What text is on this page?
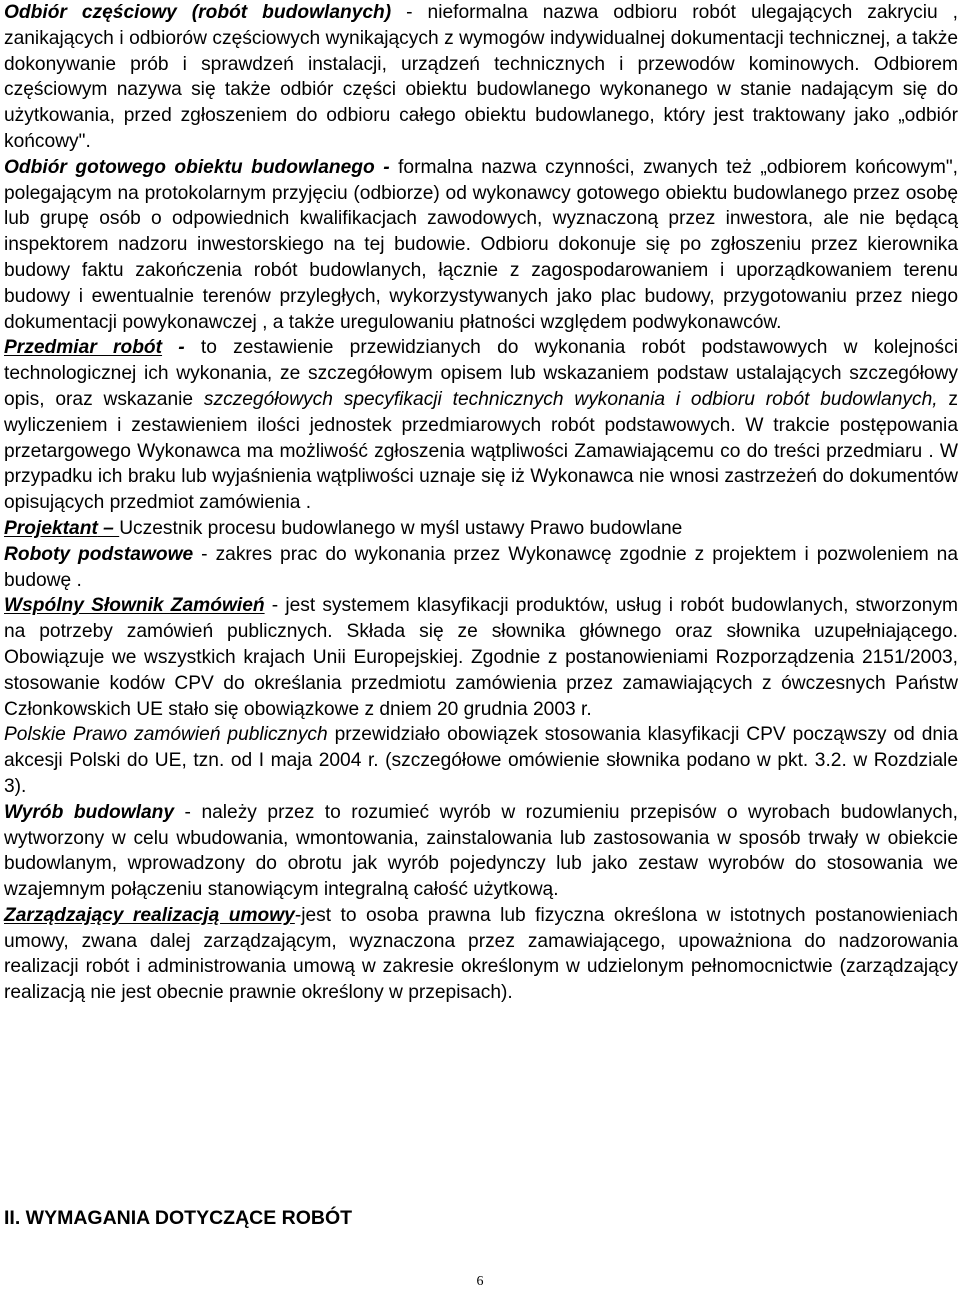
Odbiór częściowy (robót budowlanych) - nieformalna nazwa odbioru robót ulegających zakryciu , zanikających i odbiorów częściowych wynikających z wymogów indywidualnej dokumentacji technicznej, a także dokonywanie prób i sprawdzeń instalacji, urządzeń technicznych i przewodów kominowych. Odbiorem częściowym nazywa się także odbiór części obiektu budowlanego wykonanego w stanie nadającym się do użytkowania, przed zgłoszeniem do odbioru całego obiektu budowlanego, który jest traktowany jako „odbiór końcowy".

Odbiór gotowego obiektu budowlanego - formalna nazwa czynności, zwanych też „odbiorem końcowym", polegającym na protokolarnym przyjęciu (odbiorze) od wykonawcy gotowego obiektu budowlanego przez osobę lub grupę osób o odpowiednich kwalifikacjach zawodowych, wyznaczoną przez inwestora, ale nie będącą inspektorem nadzoru inwestorskiego na tej budowie. Odbioru dokonuje się po zgłoszeniu przez kierownika budowy faktu zakończenia robót budowlanych, łącznie z zagospodarowaniem i uporządkowaniem terenu budowy i ewentualnie terenów przyległych, wykorzystywanych jako plac budowy, przygotowaniu przez niego dokumentacji powykonawczej , a także uregulowaniu płatności względem podwykonawców.

Przedmiar robót - to zestawienie przewidzianych do wykonania robót podstawowych w kolejności technologicznej ich wykonania, ze szczegółowym opisem lub wskazaniem podstaw ustalających szczegółowy opis, oraz wskazanie szczegółowych specyfikacji technicznych wykonania i odbioru robót budowlanych, z wyliczeniem i zestawieniem ilości jednostek przedmiarowych robót podstawowych. W trakcie postępowania przetargowego Wykonawca ma możliwość zgłoszenia wątpliwości Zamawiającemu co do treści przedmiaru . W przypadku ich braku lub wyjaśnienia wątpliwości uznaje się iż Wykonawca nie wnosi zastrzeżeń do dokumentów opisujących przedmiot zamówienia .

Projektant – Uczestnik procesu budowlanego w myśl ustawy Prawo budowlane

Roboty podstawowe - zakres prac do wykonania przez Wykonawcę zgodnie z projektem i pozwoleniem na budowę .

Wspólny Słownik Zamówień - jest systemem klasyfikacji produktów, usług i robót budowlanych, stworzonym na potrzeby zamówień publicznych. Składa się ze słownika głównego oraz słownika uzupełniającego. Obowiązuje we wszystkich krajach Unii Europejskiej. Zgodnie z postanowieniami Rozporządzenia 2151/2003, stosowanie kodów CPV do określania przedmiotu zamówienia przez zamawiających z ówczesnych Państw Członkowskich UE stało się obowiązkowe z dniem 20 grudnia 2003 r.

Polskie Prawo zamówień publicznych przewidziało obowiązek stosowania klasyfikacji CPV począwszy od dnia akcesji Polski do UE, tzn. od I maja 2004 r. (szczegółowe omówienie słownika podano w pkt. 3.2. w Rozdziale 3).

Wyrób budowlany - należy przez to rozumieć wyrób w rozumieniu przepisów o wyrobach budowlanych, wytworzony w celu wbudowania, wmontowania, zainstalowania lub zastosowania w sposób trwały w obiekcie budowlanym, wprowadzony do obrotu jak wyrób pojedynczy lub jako zestaw wyrobów do stosowania we wzajemnym połączeniu stanowiącym integralną całość użytkową.

Zarządzający realizacją umowy-jest to osoba prawna lub fizyczna określona w istotnych postanowieniach umowy, zwana dalej zarządzającym, wyznaczona przez zamawiającego, upoważniona do nadzorowania realizacji robót i administrowania umową w zakresie określonym w udzielonym pełnomocnictwie (zarządzający realizacją nie jest obecnie prawnie określony w przepisach).

II. WYMAGANIA DOTYCZĄCE ROBÓT
6
